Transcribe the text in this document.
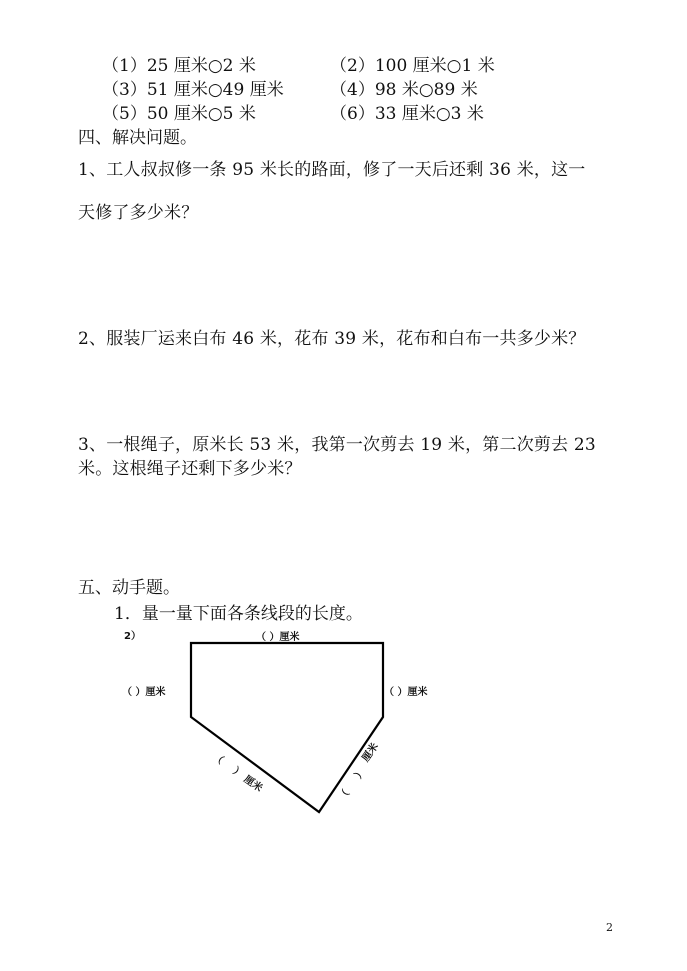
（1）25 厘米○2 米	（2）100 厘米○1 米
（3）51 厘米○49 厘米	（4）98 米○89 米
（5）50 厘米○5 米	（6）33 厘米○3 米
四、解决问题。
1、工人叔叔修一条 95 米长的路面，修了一天后还剩 36 米，这一
天修了多少米？
2、服装厂运来白布 46 米，花布 39 米，花布和白布一共多少米？
3、一根绳子，原米长 53 米，我第一次剪去 19 米，第二次剪去 23
米。这根绳子还剩下多少米？
五、动手题。
1．量一量下面各条线段的长度。
2）	（ ）厘米
（ ）厘米	（ ）厘米
（
）
厘米
厘米
）
（
2
